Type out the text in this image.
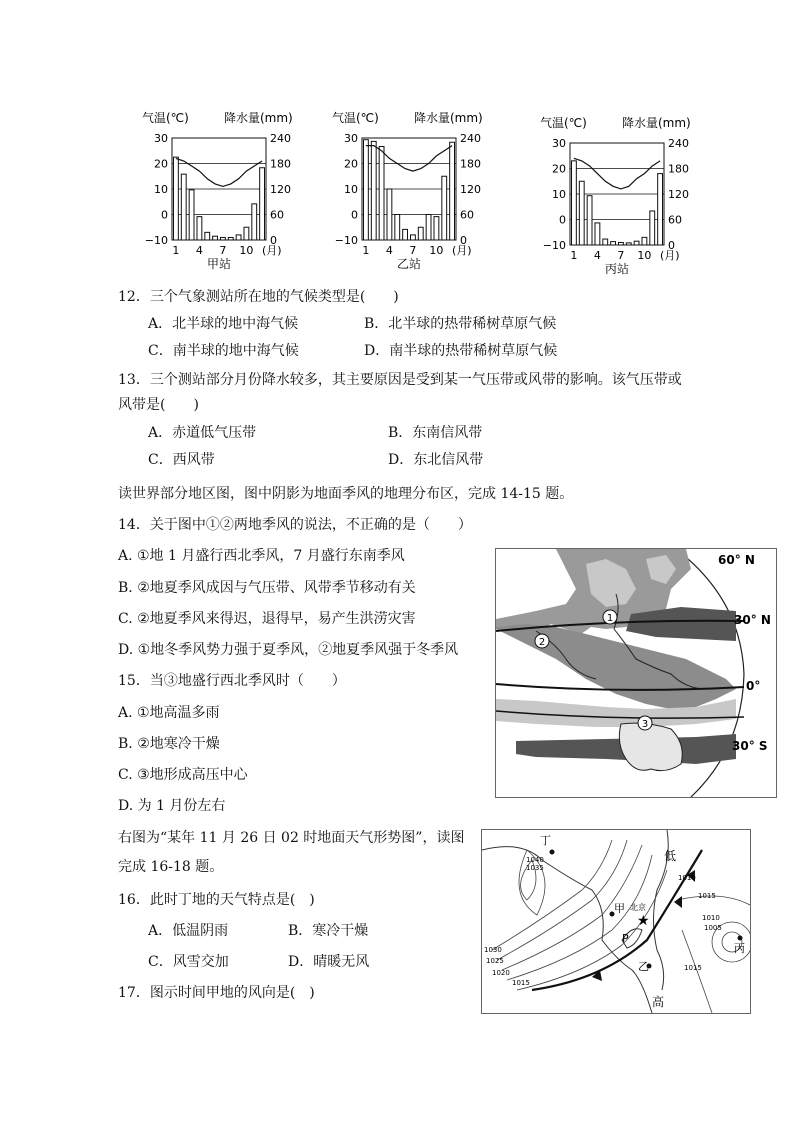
气温(℃)	降水量(mm)
30
20
10
0
−10
240
180
120
60
0
1 4 7 10 (月)
甲站
气温(℃)	降水量(mm)
30
20
10
0
−10
240
180
120
60
0
1 4 7 10 (月)
乙站
气温(℃)	降水量(mm)
30
20
10
0
−10
240
180
120
60
0
1 4 7 10 (月)
丙站
12．三个气象测站所在地的气候类型是(　　)
A．北半球的地中海气候	B．北半球的热带稀树草原气候
C．南半球的地中海气候	D．南半球的热带稀树草原气候
13．三个测站部分月份降水较多，其主要原因是受到某一气压带或风带的影响。该气压带或
风带是(　　)
A．赤道低气压带	B．东南信风带
C．西风带	D．东北信风带
读世界部分地区图，图中阴影为地面季风的地理分布区，完成 14-15 题。
14．关于图中①②两地季风的说法，不正确的是（　　）
A. ①地 1 月盛行西北季风，7 月盛行东南季风
B. ②地夏季风成因与气压带、风带季节移动有关
C. ②地夏季风来得迟，退得早，易产生洪涝灾害
D. ①地冬季风势力强于夏季风，②地夏季风强于冬季风
15．当③地盛行西北季风时（　　）
A. ①地高温多雨
B. ②地寒冷干燥
C. ③地形成高压中心
D. 为 1 月份左右
右图为“某年 11 月 26 日 02 时地面天气形势图”，读图
完成 16-18 题。
16．此时丁地的天气特点是(　)
A．低温阴雨	B．寒冷干燥
C．风雪交加	D．晴暖无风
17．图示时间甲地的风向是(　)
1
2
3
60° N
30° N
0°
30° S
★
丁
甲
乙
丙
北京
P
低
高
1040
1035
1030
1025
1020
1015
1010
1015
1010
1005
1015
